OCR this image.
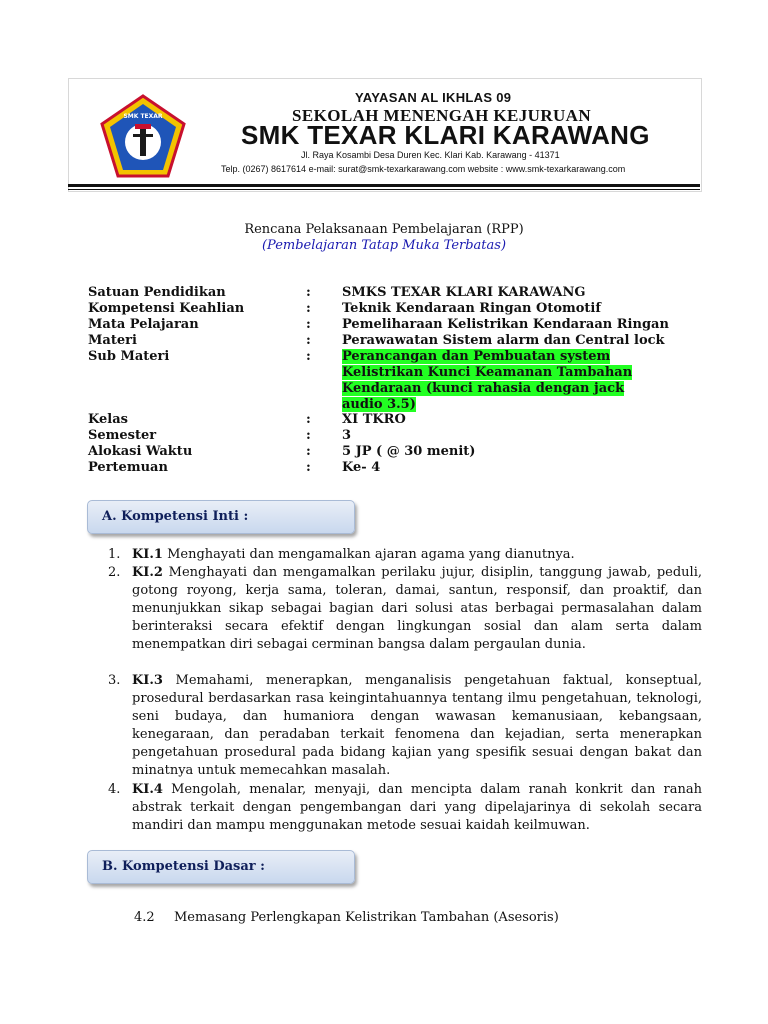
SMK TEXAR
YAYASAN AL IKHLAS 09
SEKOLAH MENENGAH KEJURUAN
SMK TEXAR KLARI KARAWANG
Jl. Raya Kosambi Desa Duren Kec. Klari Kab. Karawang - 41371
Telp. (0267) 8617614 e-mail: surat@smk-texarkarawang.com website : www.smk-texarkarawang.com
Rencana Pelaksanaan Pembelajaran (RPP)
(Pembelajaran Tatap Muka Terbatas)
Satuan Pendidikan	: SMKS TEXAR KLARI KARAWANG
Kompetensi Keahlian	: Teknik Kendaraan Ringan Otomotif
Mata Pelajaran	: Pemeliharaan Kelistrikan Kendaraan Ringan
Materi	: Perawawatan Sistem alarm dan Central lock
Sub Materi	: Perancangan dan Pembuatan system Kelistrikan Kunci Keamanan Tambahan Kendaraan (kunci rahasia dengan jack audio 3.5)
Kelas	: XI TKRO
Semester	: 3
Alokasi Waktu	: 5 JP ( @ 30 menit)
Pertemuan	: Ke- 4
A. Kompetensi Inti :
1. KI.1 Menghayati dan mengamalkan ajaran agama yang dianutnya.
2. KI.2 Menghayati dan mengamalkan perilaku jujur, disiplin, tanggung jawab, peduli, gotong royong, kerja sama, toleran, damai, santun, responsif, dan proaktif, dan menunjukkan sikap sebagai bagian dari solusi atas berbagai permasalahan dalam berinteraksi secara efektif dengan lingkungan sosial dan alam serta dalam menempatkan diri sebagai cerminan bangsa dalam pergaulan dunia.
3. KI.3 Memahami, menerapkan, menganalisis pengetahuan faktual, konseptual, prosedural berdasarkan rasa keingintahuannya tentang ilmu pengetahuan, teknologi, seni budaya, dan humaniora dengan wawasan kemanusiaan, kebangsaan, kenegaraan, dan peradaban terkait fenomena dan kejadian, serta menerapkan pengetahuan prosedural pada bidang kajian yang spesifik sesuai dengan bakat dan minatnya untuk memecahkan masalah.
4. KI.4 Mengolah, menalar, menyaji, dan mencipta dalam ranah konkrit dan ranah abstrak terkait dengan pengembangan dari yang dipelajarinya di sekolah secara mandiri dan mampu menggunakan metode sesuai kaidah keilmuwan.
B. Kompetensi Dasar :
4.2 Memasang Perlengkapan Kelistrikan Tambahan (Asesoris)
